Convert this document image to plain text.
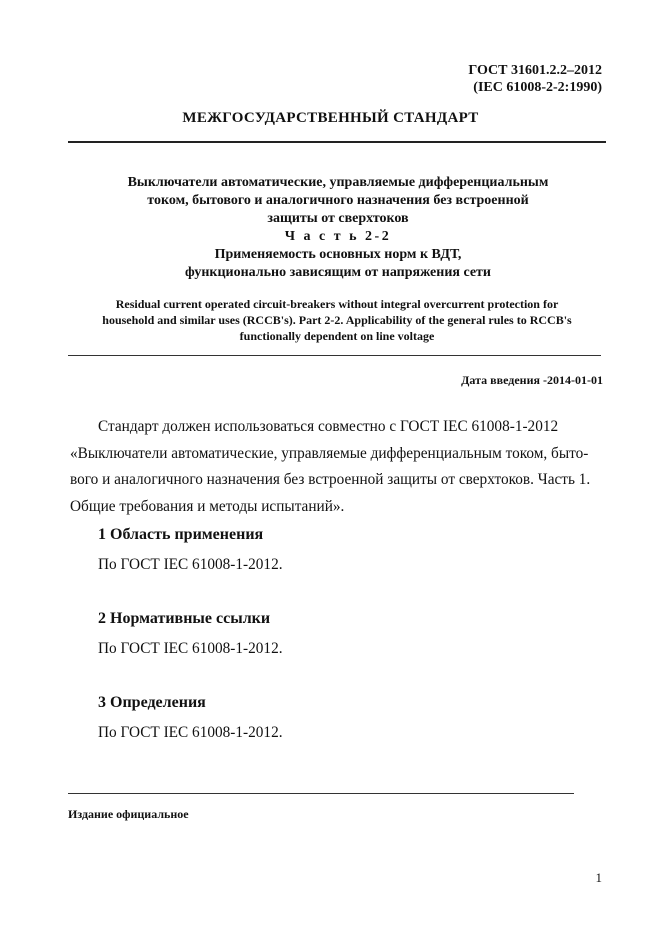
ГОСТ 31601.2.2–2012
(IEC 61008-2-2:1990)
МЕЖГОСУДАРСТВЕННЫЙ СТАНДАРТ
Выключатели автоматические, управляемые дифференциальным
током, бытового и аналогичного назначения без встроенной
защиты от сверхтоков
Ч а с т ь 2-2
Применяемость основных норм к ВДТ,
функционально зависящим от напряжения сети
Residual current operated circuit-breakers without integral overcurrent protection for
household and similar uses (RCCB's). Part 2-2. Applicability of the general rules to RCCB's
functionally dependent on line voltage
Дата введения -2014-01-01
Стандарт должен использоваться совместно с ГОСТ IEC 61008-1-2012
«Выключатели автоматические, управляемые дифференциальным током, быто-
вого и аналогичного назначения без встроенной защиты от сверхтоков. Часть 1.
Общие требования и методы испытаний».
1 Область применения
По ГОСТ IEC 61008-1-2012.
2 Нормативные ссылки
По ГОСТ IEC 61008-1-2012.
3 Определения
По ГОСТ IEC 61008-1-2012.
Издание официальное
1
